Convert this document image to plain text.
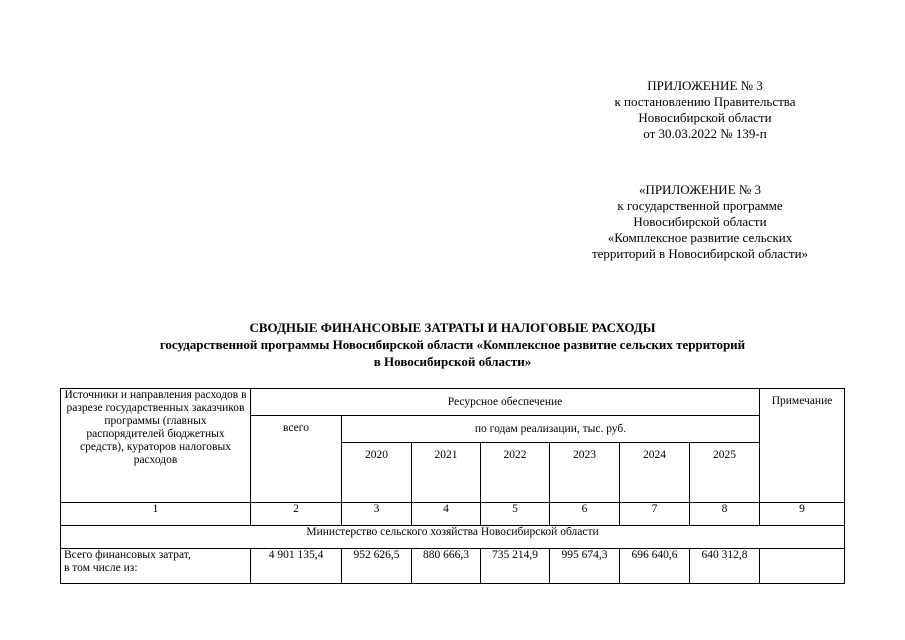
ПРИЛОЖЕНИЕ № 3
к постановлению Правительства
Новосибирской области
от 30.03.2022 № 139-п
«ПРИЛОЖЕНИЕ № 3
к государственной программе
Новосибирской области
«Комплексное развитие сельских
территорий в Новосибирской области»
СВОДНЫЕ ФИНАНСОВЫЕ ЗАТРАТЫ И НАЛОГОВЫЕ РАСХОДЫ
государственной программы Новосибирской области «Комплексное развитие сельских территорий
в Новосибирской области»
Источники и направления расходов в разрезе государственных заказчиков программы (главных распорядителей бюджетных средств), кураторов налоговых расходов	Ресурсное обеспечение							Примечание
	всего	по годам реализации, тыс. руб.						
		2020	2021	2022	2023	2024	2025	
1	2	3	4	5	6	7	8	9
Министерство сельского хозяйства Новосибирской области								

Всего финансовых затрат,
в том числе из:	4 901 135,4	952 626,5	880 666,3	735 214,9	995 674,3	696 640,6	640 312,8	
